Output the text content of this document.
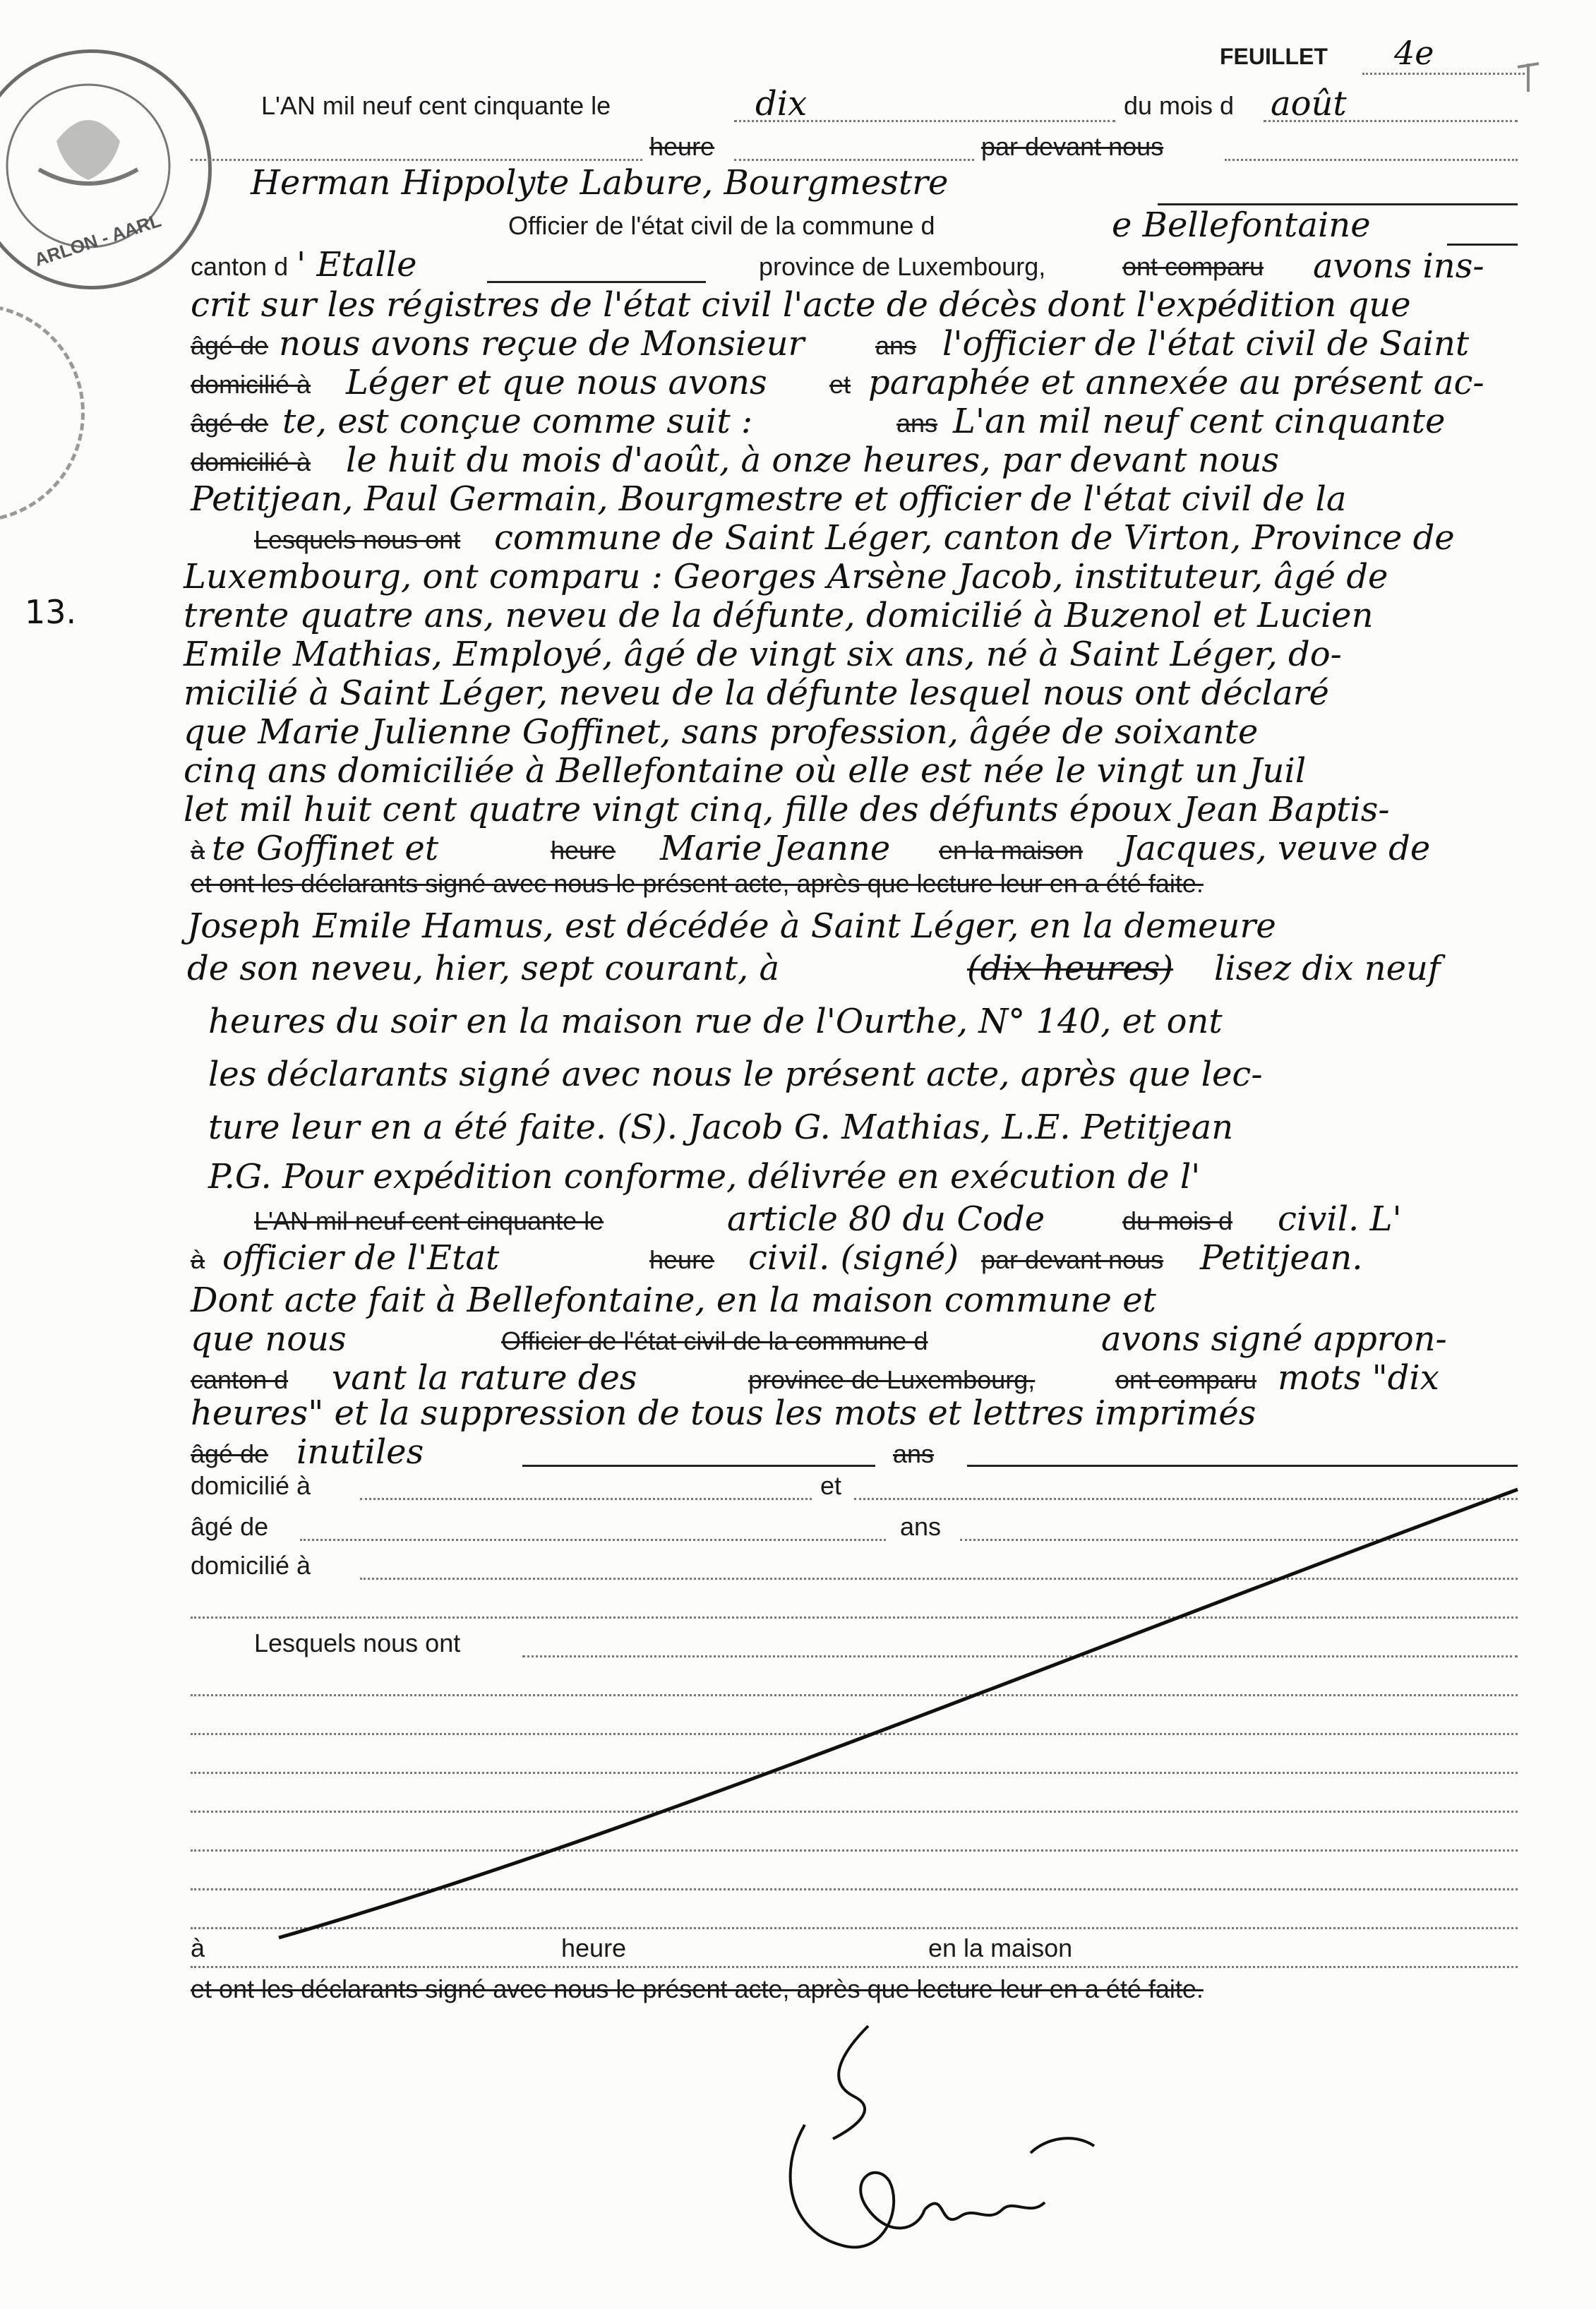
ARLON - AARL
FEUILLET 4e
13.
L'AN mil neuf cent cinquante le	dix	du mois d août
heure	par devant nous
Herman Hippolyte Labure, Bourgmestre
Officier de l'état civil de la commune d	e Bellefontaine
canton d ' Etalle	province de Luxembourg,	ont comparu avons ins-
crit sur les régistres de l'état civil l'acte de décès dont l'expédition que
âgé de nous avons reçue de Monsieur	ans l'officier de l'état civil de Saint
domicilié à Léger et que nous avons et paraphée et annexée au présent ac-
âgé de te, est conçue comme suit :	ans L'an mil neuf cent cinquante
domicilié à le huit du mois d'août, à onze heures, par devant nous
Petitjean, Paul Germain, Bourgmestre et officier de l'état civil de la
Lesquels nous ont commune de Saint Léger, canton de Virton, Province de
Luxembourg, ont comparu : Georges Arsène Jacob, instituteur, âgé de
trente quatre ans, neveu de la défunte, domicilié à Buzenol et Lucien
Emile Mathias, Employé, âgé de vingt six ans, né à Saint Léger, do-
micilié à Saint Léger, neveu de la défunte lesquel nous ont déclaré
que Marie Julienne Goffinet, sans profession, âgée de soixante
cinq ans domiciliée à Bellefontaine où elle est née le vingt un Juil
let mil huit cent quatre vingt cinq, fille des défunts époux Jean Baptis-
à te Goffinet et	heure Marie Jeanne en la maison Jacques, veuve de
et ont les déclarants signé avec nous le présent acte, après que lecture leur en a été faite.
Joseph Emile Hamus, est décédée à Saint Léger, en la demeure
de son neveu, hier, sept courant, à	(dix heures) lisez dix neuf
heures du soir en la maison rue de l'Ourthe, N° 140, et ont
les déclarants signé avec nous le présent acte, après que lec-
ture leur en a été faite. (S). Jacob G. Mathias, L.E. Petitjean
P.G. Pour expédition conforme, délivrée en exécution de l'
L'AN mil neuf cent cinquante le	article 80 du Code	du mois d civil. L'
à officier de l'Etat	heure civil. (signé) par devant nous Petitjean.
Dont acte fait à Bellefontaine, en la maison commune et
que nous	Officier de l'état civil de la commune d	avons signé appron-
canton d vant la rature des	province de Luxembourg,	ont comparu mots "dix
heures" et la suppression de tous les mots et lettres imprimés
âgé de inutiles	ans
domicilié à	et
âgé de	ans
domicilié à
Lesquels nous ont
à	heure	en la maison
et ont les déclarants signé avec nous le présent acte, après que lecture leur en a été faite.
